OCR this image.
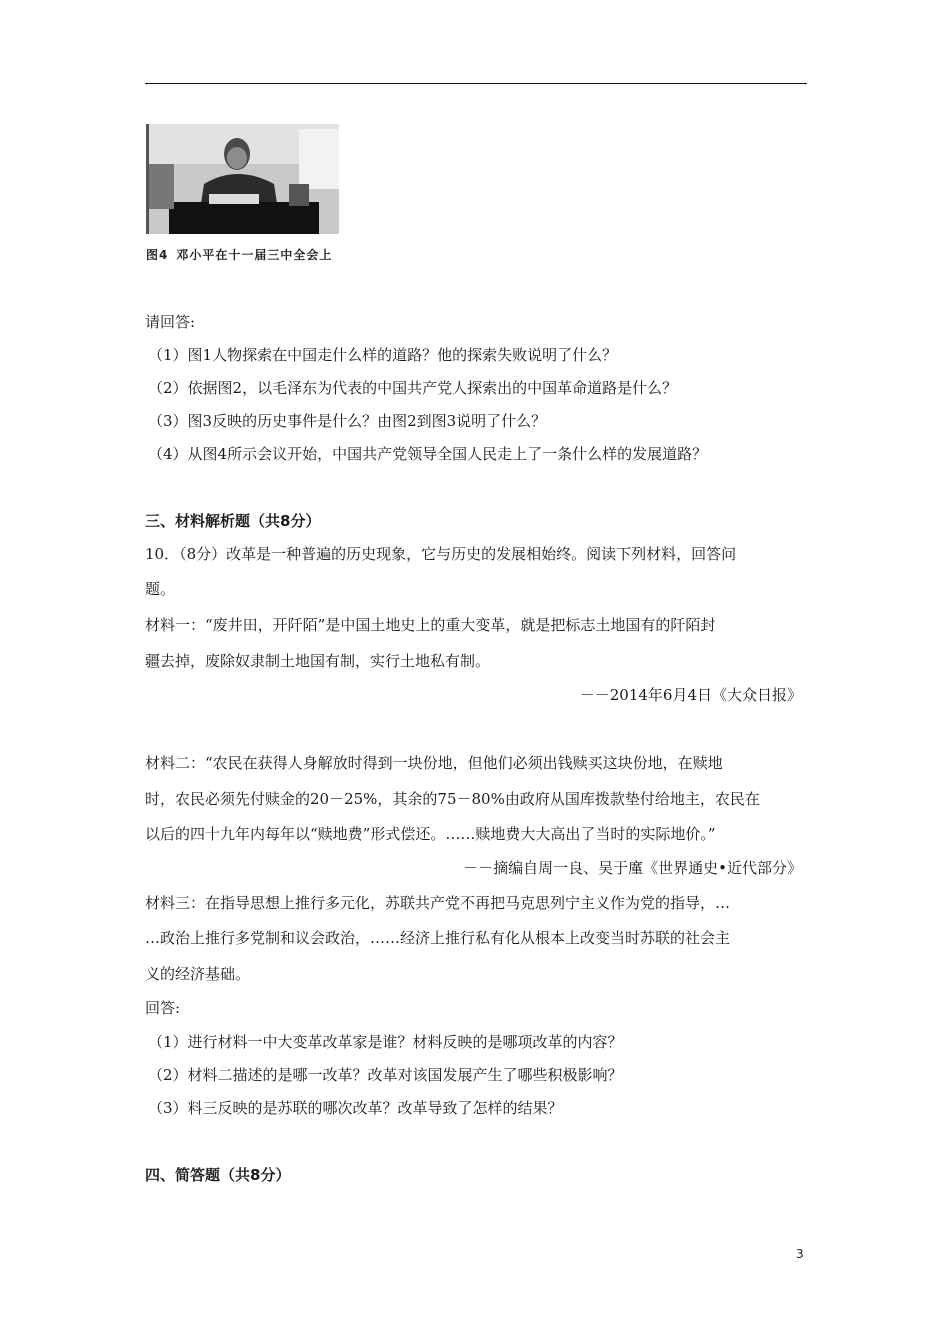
图4 邓小平在十一届三中全会上
请回答:
（1）图1人物探索在中国走什么样的道路？他的探索失败说明了什么？
（2）依据图2，以毛泽东为代表的中国共产党人探索出的中国革命道路是什么？
（3）图3反映的历史事件是什么？由图2到图3说明了什么？
（4）从图4所示会议开始，中国共产党领导全国人民走上了一条什么样的发展道路？
三、材料解析题（共8分）
10．（8分）改革是一种普遍的历史现象，它与历史的发展相始终。阅读下列材料，回答问
题。
材料一：“废井田，开阡陌”是中国土地史上的重大变革，就是把标志土地国有的阡陌封
疆去掉，废除奴隶制土地国有制，实行土地私有制。
－－2014年6月4日《大众日报》
材料二：“农民在获得人身解放时得到一块份地，但他们必须出钱赎买这块份地，在赎地
时，农民必须先付赎金的20－25%，其余的75－80%由政府从国库拨款垫付给地主，农民在
以后的四十九年内每年以“赎地费”形式偿还。……赎地费大大高出了当时的实际地价。”
－－摘编自周一良、吴于廑《世界通史•近代部分》
材料三：在指导思想上推行多元化，苏联共产党不再把马克思列宁主义作为党的指导，…
…政治上推行多党制和议会政治，……经济上推行私有化从根本上改变当时苏联的社会主
义的经济基础。
回答:
（1）进行材料一中大变革改革家是谁？材料反映的是哪项改革的内容？
（2）材料二描述的是哪一改革？改革对该国发展产生了哪些积极影响？
（3）料三反映的是苏联的哪次改革？改革导致了怎样的结果？
四、简答题（共8分）
3
